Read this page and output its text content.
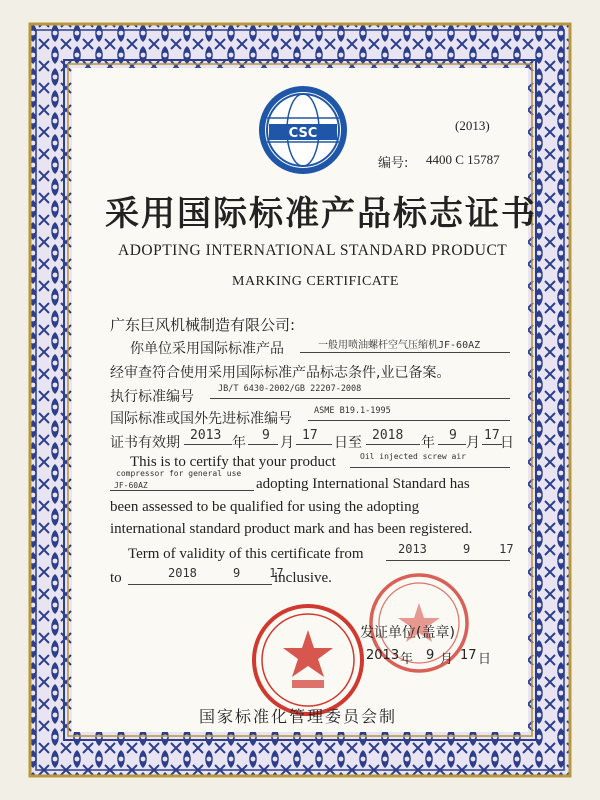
CSC
(2013)
编号: 4400 C 15787
采用国际标准产品标志证书
ADOPTING INTERNATIONAL STANDARD PRODUCT
MARKING CERTIFICATE
广东巨风机械制造有限公司:
你单位采用国际标准产品	一般用喷油螺杆空气压缩机JF-60AZ
经审查符合使用采用国际标准产品标志条件,业已备案。
执行标准编号	JB/T 6430-2002/GB 22207-2008
国际标准或国外先进标准编号	ASME B19.1-1995
证书有效期 2013 年 9 月 17 日至 2018 年 9 月 17 日
This is to certify that your product	Oil injected screw air
compressor for general use
JF-60AZ	adopting International Standard has
been assessed to be qualified for using the adopting
international standard product mark and has been registered.
Term of validity of this certificate from	2013     9    17
to	2018     9    17
inclusive.
发证单位(盖章)
2013 年 9 月 17 日
国家标准化管理委员会制
